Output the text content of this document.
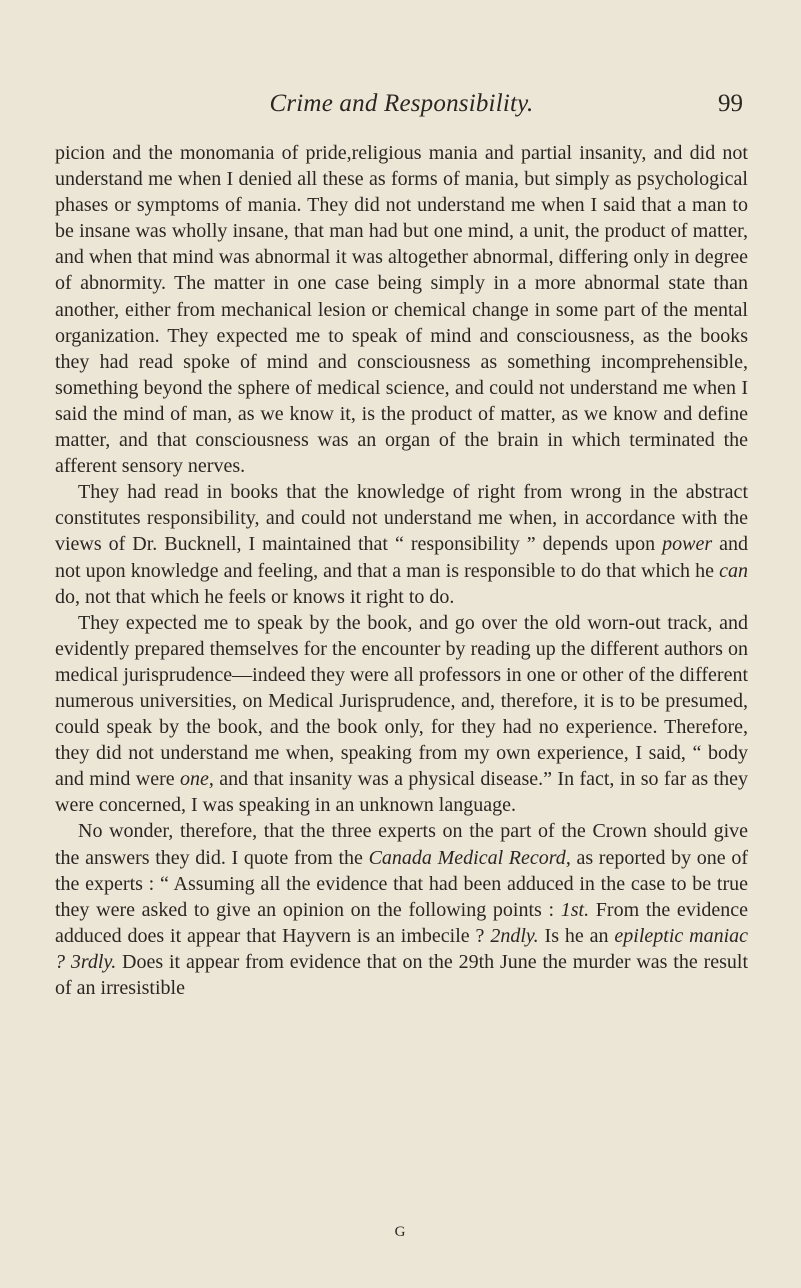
Crime and Responsibility.	99

picion and the monomania of pride,religious mania and partial insanity, and did not understand me when I denied all these as forms of mania, but simply as psychological phases or symptoms of mania. They did not understand me when I said that a man to be insane was wholly insane, that man had but one mind, a unit, the product of matter, and when that mind was abnormal it was altogether abnormal, differing only in degree of abnormity. The matter in one case being simply in a more abnormal state than another, either from mechanical lesion or chemical change in some part of the mental organization. They expected me to speak of mind and consciousness, as the books they had read spoke of mind and consciousness as something incomprehensible, something beyond the sphere of medical science, and could not understand me when I said the mind of man, as we know it, is the product of matter, as we know and define matter, and that consciousness was an organ of the brain in which terminated the afferent sensory nerves.

They had read in books that the knowledge of right from wrong in the abstract constitutes responsibility, and could not understand me when, in accordance with the views of Dr. Bucknell, I maintained that “ responsibility ” depends upon power and not upon knowledge and feeling, and that a man is responsible to do that which he can do, not that which he feels or knows it right to do.

They expected me to speak by the book, and go over the old worn-out track, and evidently prepared themselves for the encounter by reading up the different authors on medical jurisprudence—indeed they were all professors in one or other of the different numerous universities, on Medical Jurisprudence, and, therefore, it is to be presumed, could speak by the book, and the book only, for they had no experience. Therefore, they did not understand me when, speaking from my own experience, I said, “ body and mind were one, and that insanity was a physical disease.” In fact, in so far as they were concerned, I was speaking in an unknown language.

No wonder, therefore, that the three experts on the part of the Crown should give the answers they did. I quote from the Canada Medical Record, as reported by one of the experts : “ Assuming all the evidence that had been adduced in the case to be true they were asked to give an opinion on the following points : 1st. From the evidence adduced does it appear that Hayvern is an imbecile ? 2ndly. Is he an epileptic maniac ? 3rdly. Does it appear from evidence that on the 29th June the murder was the result of an irresistible

G
